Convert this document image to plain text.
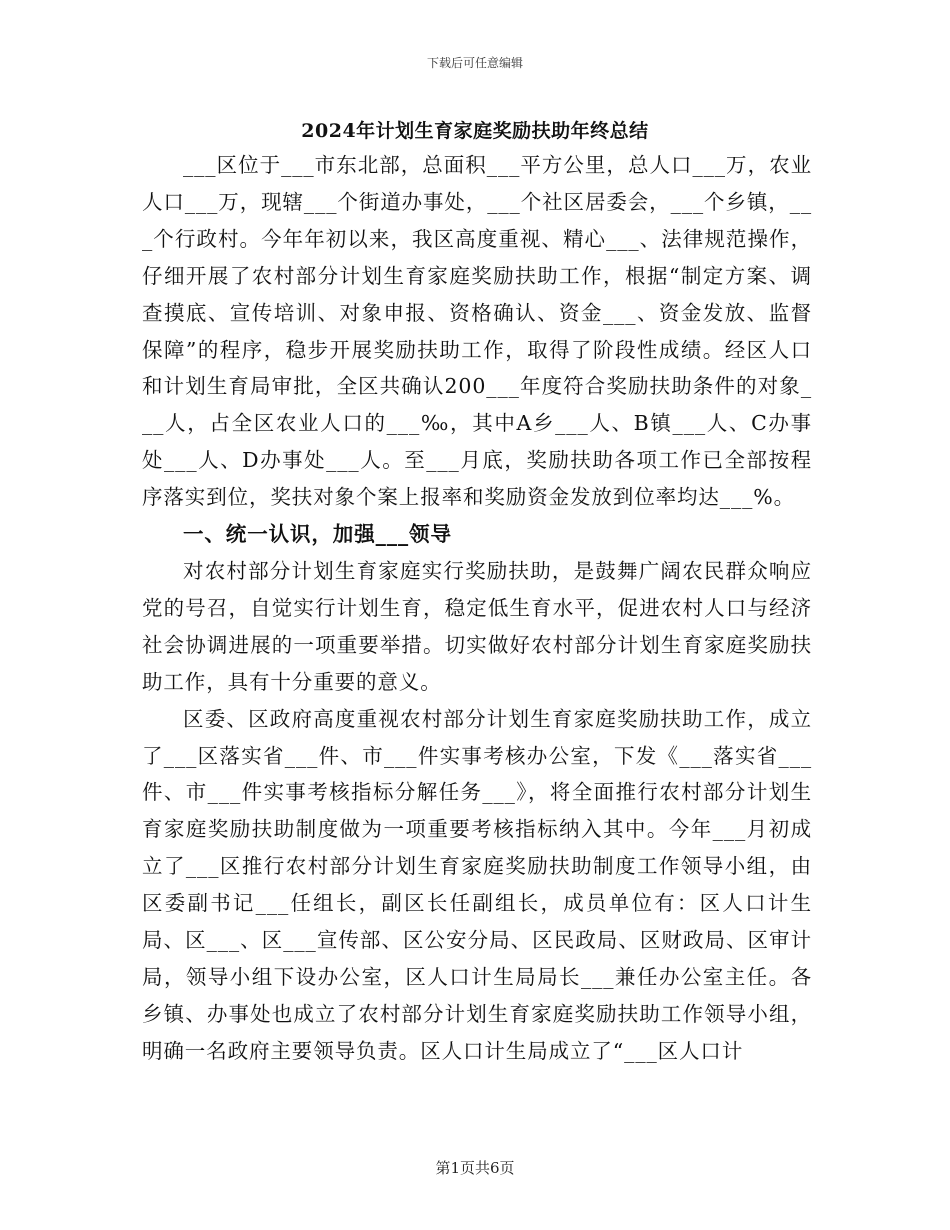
下载后可任意编辑
2024年计划生育家庭奖励扶助年终总结

___区位于___市东北部，总面积___平方公里，总人口___万，农业人口___万，现辖___个街道办事处，___个社区居委会，___个乡镇，___个行政村。今年年初以来，我区高度重视、精心___、法律规范操作，仔细开展了农村部分计划生育家庭奖励扶助工作，根据“制定方案、调查摸底、宣传培训、对象申报、资格确认、资金___、资金发放、监督保障”的程序，稳步开展奖励扶助工作，取得了阶段性成绩。经区人口和计划生育局审批，全区共确认200___年度符合奖励扶助条件的对象___人，占全区农业人口的___‰，其中A乡___人、B镇___人、C办事处___人、D办事处___人。至___月底，奖励扶助各项工作已全部按程序落实到位，奖扶对象个案上报率和奖励资金发放到位率均达___%。

一、统一认识，加强___领导

对农村部分计划生育家庭实行奖励扶助，是鼓舞广阔农民群众响应党的号召，自觉实行计划生育，稳定低生育水平，促进农村人口与经济社会协调进展的一项重要举措。切实做好农村部分计划生育家庭奖励扶助工作，具有十分重要的意义。

区委、区政府高度重视农村部分计划生育家庭奖励扶助工作，成立了___区落实省___件、市___件实事考核办公室，下发《___落实省___件、市___件实事考核指标分解任务___》，将全面推行农村部分计划生育家庭奖励扶助制度做为一项重要考核指标纳入其中。今年___月初成立了___区推行农村部分计划生育家庭奖励扶助制度工作领导小组，由区委副书记___任组长，副区长任副组长，成员单位有：区人口计生局、区___、区___宣传部、区公安分局、区民政局、区财政局、区审计局，领导小组下设办公室，区人口计生局局长___兼任办公室主任。各乡镇、办事处也成立了农村部分计划生育家庭奖励扶助工作领导小组，明确一名政府主要领导负责。区人口计生局成立了“___区人口计

第1页共6页
